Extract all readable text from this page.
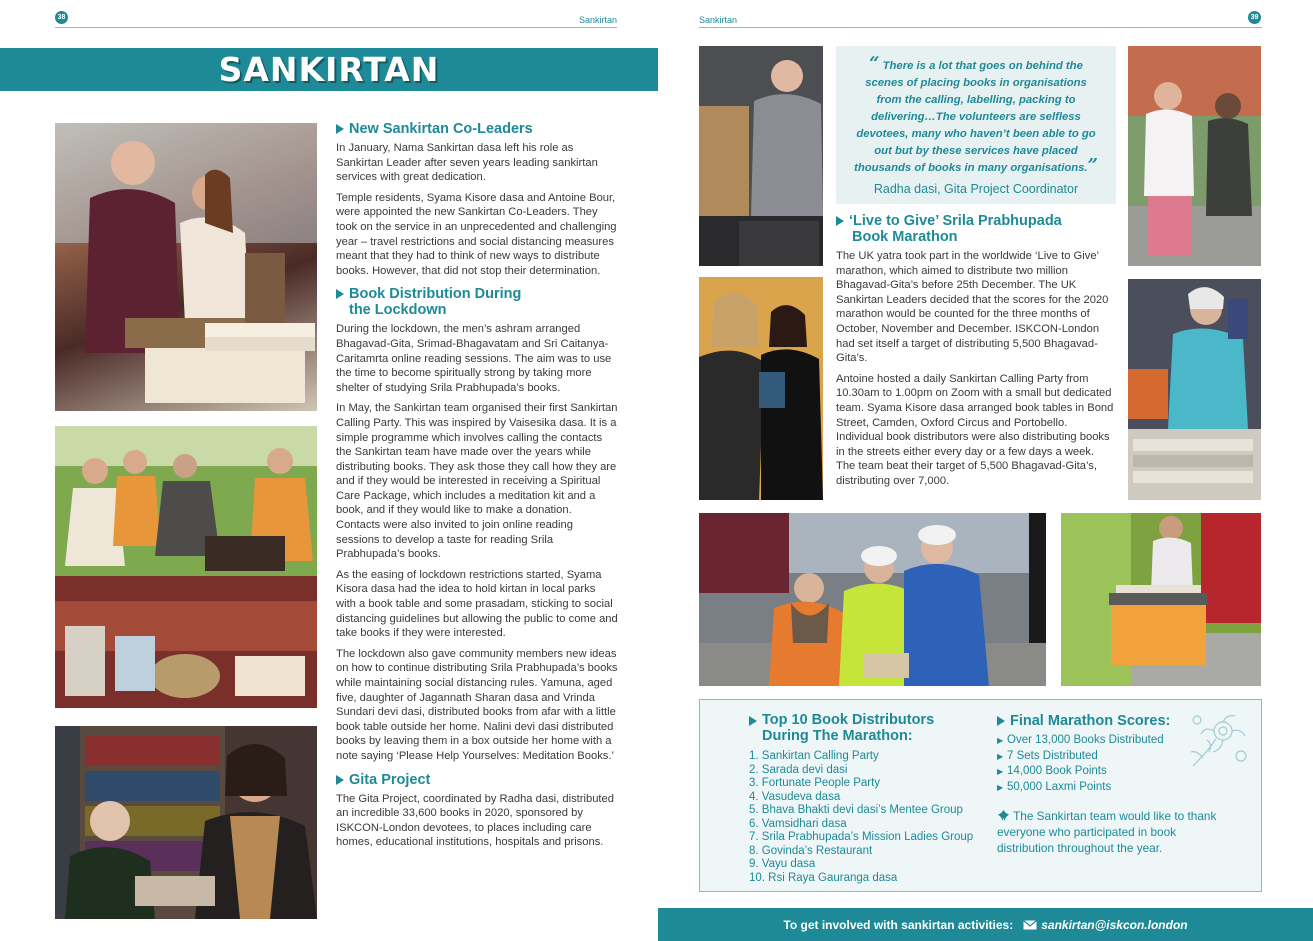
38	Sankirtan	Sankirtan	39
SANKIRTAN
New Sankirtan Co-Leaders

In January, Nama Sankirtan dasa left his role as Sankirtan Leader after seven years leading sankirtan services with great dedication.

Temple residents, Syama Kisore dasa and Antoine Bour, were appointed the new Sankirtan Co-Leaders. They took on the service in an unprecedented and challenging year – travel restrictions and social distancing measures meant that they had to think of new ways to distribute books. However, that did not stop their determination.

Book Distribution During
the Lockdown

During the lockdown, the men’s ashram arranged Bhagavad-Gita, Srimad-Bhagavatam and Sri Caitanya-Caritamrta online reading sessions. The aim was to use the time to become spiritually strong by taking more shelter of studying Srila Prabhupada’s books.

In May, the Sankirtan team organised their first Sankirtan Calling Party. This was inspired by Vaisesika dasa. It is a simple programme which involves calling the contacts the Sankirtan team have made over the years while distributing books. They ask those they call how they are and if they would be interested in receiving a Spiritual Care Package, which includes a meditation kit and a book, and if they would like to make a donation. Contacts were also invited to join online reading sessions to develop a taste for reading Srila Prabhupada’s books.

As the easing of lockdown restrictions started, Syama Kisora dasa had the idea to hold kirtan in local parks with a book table and some prasadam, sticking to social distancing guidelines but allowing the public to come and take books if they were interested.

The lockdown also gave community members new ideas on how to continue distributing Srila Prabhupada’s books while maintaining social distancing rules. Yamuna, aged five, daughter of Jagannath Sharan dasa and Vrinda Sundari devi dasi, distributed books from afar with a little book table outside her home. Nalini devi dasi distributed books by leaving them in a box outside her home with a note saying ‘Please Help Yourselves: Meditation Books.’

Gita Project

The Gita Project, coordinated by Radha dasi, distributed an incredible 33,600 books in 2020, sponsored by ISKCON-London devotees, to places including care homes, educational institutions, hospitals and prisons.

“ There is a lot that goes on behind the scenes of placing books in organisations from the calling, labelling, packing to delivering…The volunteers are selfless devotees, many who haven’t been able to go out but by these services have placed thousands of books in many organisations.”
Radha dasi, Gita Project Coordinator
‘Live to Give’ Srila Prabhupada
Book Marathon

The UK yatra took part in the worldwide ‘Live to Give’ marathon, which aimed to distribute two million Bhagavad-Gita’s before 25th December. The UK Sankirtan Leaders decided that the scores for the 2020 marathon would be counted for the three months of October, November and December. ISKCON-London had set itself a target of distributing 5,500 Bhagavad-Gita’s.

Antoine hosted a daily Sankirtan Calling Party from 10.30am to 1.00pm on Zoom with a small but dedicated team. Syama Kisore dasa arranged book tables in Bond Street, Camden, Oxford Circus and Portobello. Individual book distributors were also distributing books in the streets either every day or a few days a week. The team beat their target of 5,500 Bhagavad-Gita’s, distributing over 7,000.

Top 10 Book Distributors
During The Marathon:
1. Sankirtan Calling Party
2. Sarada devi dasi
3. Fortunate People Party
4. Vasudeva dasa
5. Bhava Bhakti devi dasi’s Mentee Group
6. Vamsidhari dasa
7. Srila Prabhupada’s Mission Ladies Group
8. Govinda’s Restaurant
9. Vayu dasa
10. Rsi Raya Gauranga dasa
Final Marathon Scores:
▶ Over 13,000 Books Distributed
▶ 7 Sets Distributed
▶ 14,000 Book Points
▶ 50,000 Laxmi Points
The Sankirtan team would like to thank everyone who participated in book distribution throughout the year.
To get involved with sankirtan activities: sankirtan@iskcon.london
